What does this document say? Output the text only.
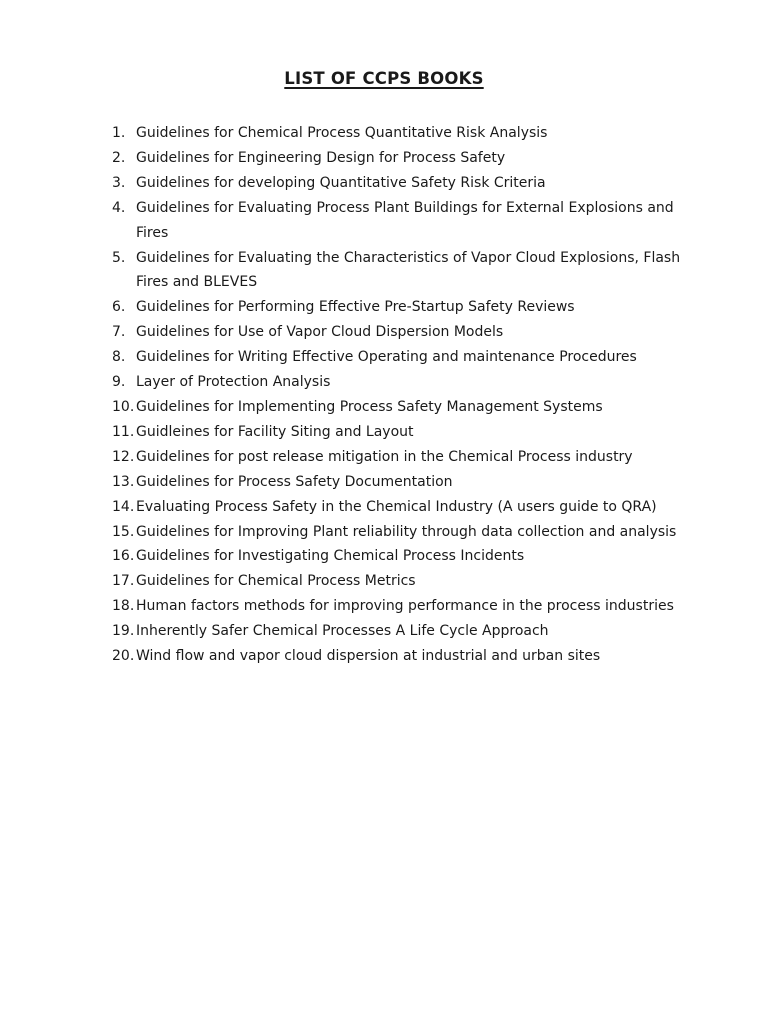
LIST OF CCPS BOOKS
1. Guidelines for Chemical Process Quantitative Risk Analysis
2. Guidelines for Engineering Design for Process Safety
3. Guidelines for developing Quantitative Safety Risk Criteria
4. Guidelines for Evaluating Process Plant Buildings for External Explosions and Fires
5. Guidelines for Evaluating the Characteristics of Vapor Cloud Explosions, Flash Fires and BLEVES
6. Guidelines for Performing Effective Pre-Startup Safety Reviews
7. Guidelines for Use of Vapor Cloud Dispersion Models
8. Guidelines for Writing Effective Operating and maintenance Procedures
9. Layer of Protection Analysis
10. Guidelines for Implementing Process Safety Management Systems
11. Guidleines for Facility Siting and Layout
12. Guidelines for post release mitigation in the Chemical Process industry
13. Guidelines for Process Safety Documentation
14. Evaluating Process Safety in the Chemical Industry (A users guide to QRA)
15. Guidelines for Improving Plant reliability through data collection and analysis
16. Guidelines for Investigating Chemical Process Incidents
17. Guidelines for Chemical Process Metrics
18. Human factors methods for improving performance in the process industries
19. Inherently Safer Chemical Processes A Life Cycle Approach
20. Wind flow and vapor cloud dispersion at industrial and urban sites
